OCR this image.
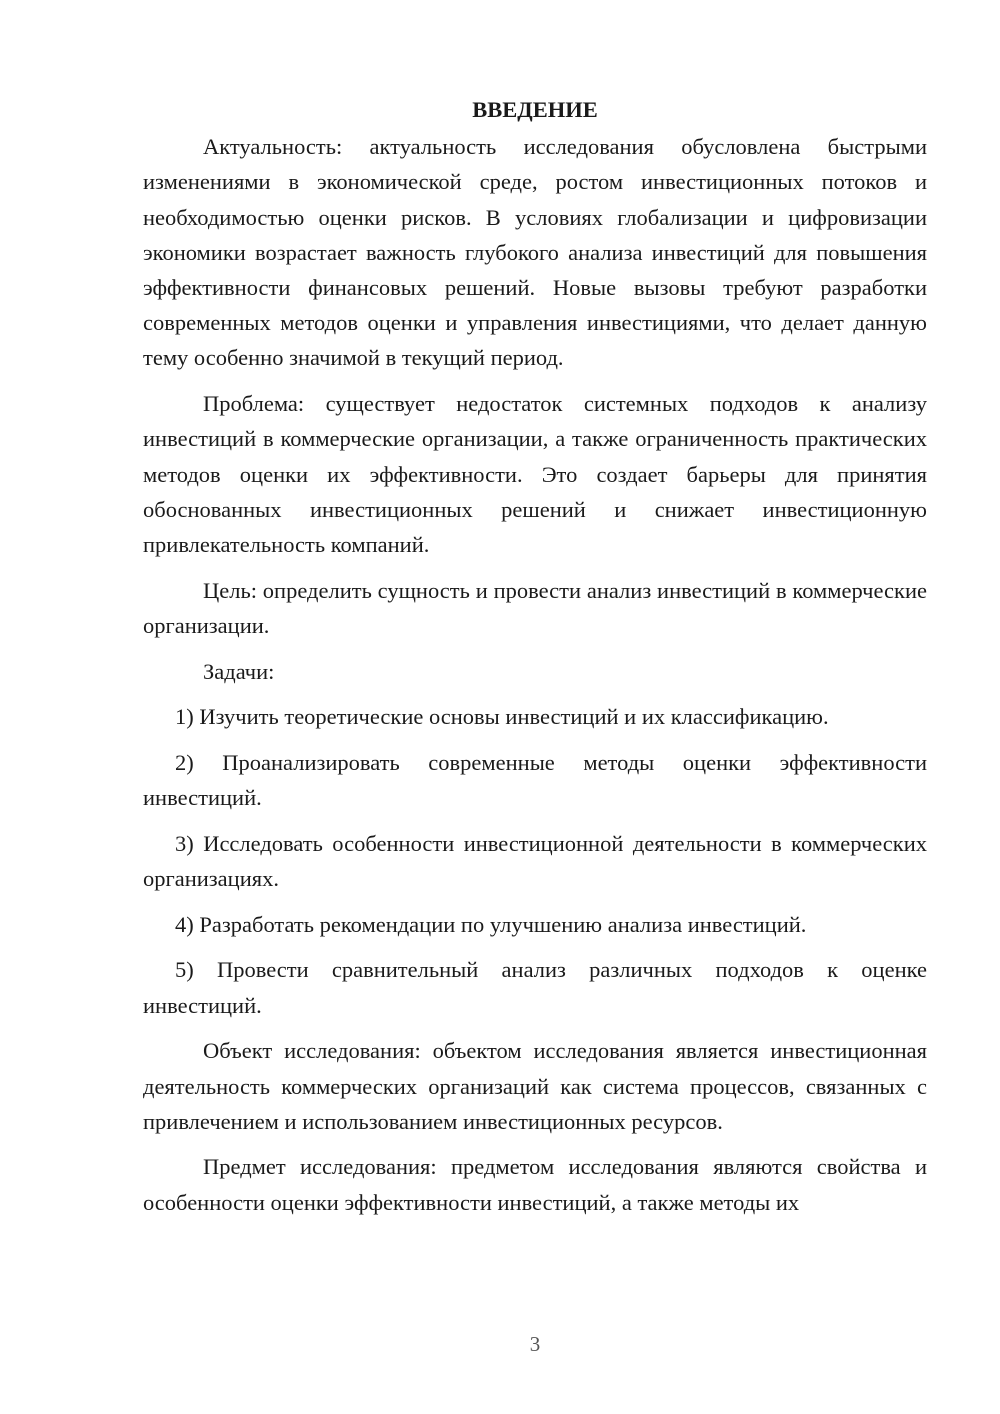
ВВЕДЕНИЕ

Актуальность: актуальность исследования обусловлена быстрыми изменениями в экономической среде, ростом инвестиционных потоков и необходимостью оценки рисков. В условиях глобализации и цифровизации экономики возрастает важность глубокого анализа инвестиций для повышения эффективности финансовых решений. Новые вызовы требуют разработки современных методов оценки и управления инвестициями, что делает данную тему особенно значимой в текущий период.

Проблема: существует недостаток системных подходов к анализу инвестиций в коммерческие организации, а также ограниченность практических методов оценки их эффективности. Это создает барьеры для принятия обоснованных инвестиционных решений и снижает инвестиционную привлекательность компаний.

Цель: определить сущность и провести анализ инвестиций в коммерческие организации.

Задачи:

1) Изучить теоретические основы инвестиций и их классификацию.

2) Проанализировать современные методы оценки эффективности инвестиций.

3) Исследовать особенности инвестиционной деятельности в коммерческих организациях.

4) Разработать рекомендации по улучшению анализа инвестиций.

5) Провести сравнительный анализ различных подходов к оценке инвестиций.

Объект исследования: объектом исследования является инвестиционная деятельность коммерческих организаций как система процессов, связанных с привлечением и использованием инвестиционных ресурсов.

Предмет исследования: предметом исследования являются свойства и особенности оценки эффективности инвестиций, а также методы их

3
